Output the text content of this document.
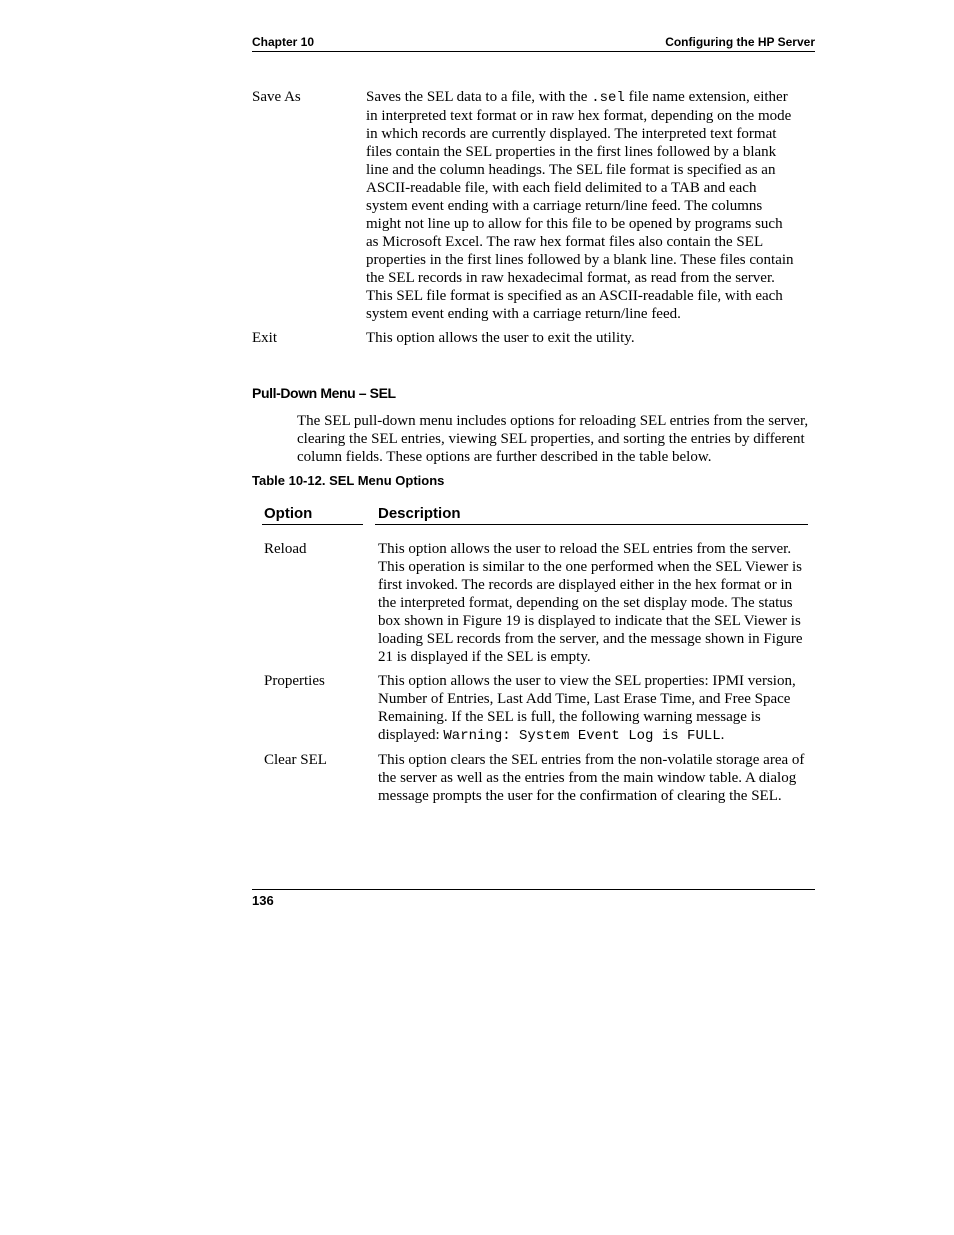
Chapter 10	Configuring the HP Server
Save As	Saves the SEL data to a file, with the .sel file name extension, either in interpreted text format or in raw hex format, depending on the mode in which records are currently displayed. The interpreted text format files contain the SEL properties in the first lines followed by a blank line and the column headings. The SEL file format is specified as an ASCII-readable file, with each field delimited to a TAB and each system event ending with a carriage return/line feed. The columns might not line up to allow for this file to be opened by programs such as Microsoft Excel. The raw hex format files also contain the SEL properties in the first lines followed by a blank line. These files contain the SEL records in raw hexadecimal format, as read from the server. This SEL file format is specified as an ASCII-readable file, with each system event ending with a carriage return/line feed.
Exit	This option allows the user to exit the utility.
Pull-Down Menu – SEL
The SEL pull-down menu includes options for reloading SEL entries from the server, clearing the SEL entries, viewing SEL properties, and sorting the entries by different column fields. These options are further described in the table below.
Table 10-12. SEL Menu Options
Option	Description
Reload	This option allows the user to reload the SEL entries from the server. This operation is similar to the one performed when the SEL Viewer is first invoked. The records are displayed either in the hex format or in the interpreted format, depending on the set display mode. The status box shown in Figure 19 is displayed to indicate that the SEL Viewer is loading SEL records from the server, and the message shown in Figure 21 is displayed if the SEL is empty.
Properties	This option allows the user to view the SEL properties: IPMI version, Number of Entries, Last Add Time, Last Erase Time, and Free Space Remaining. If the SEL is full, the following warning message is displayed: Warning: System Event Log is FULL.
Clear SEL	This option clears the SEL entries from the non-volatile storage area of the server as well as the entries from the main window table. A dialog message prompts the user for the confirmation of clearing the SEL.
136
